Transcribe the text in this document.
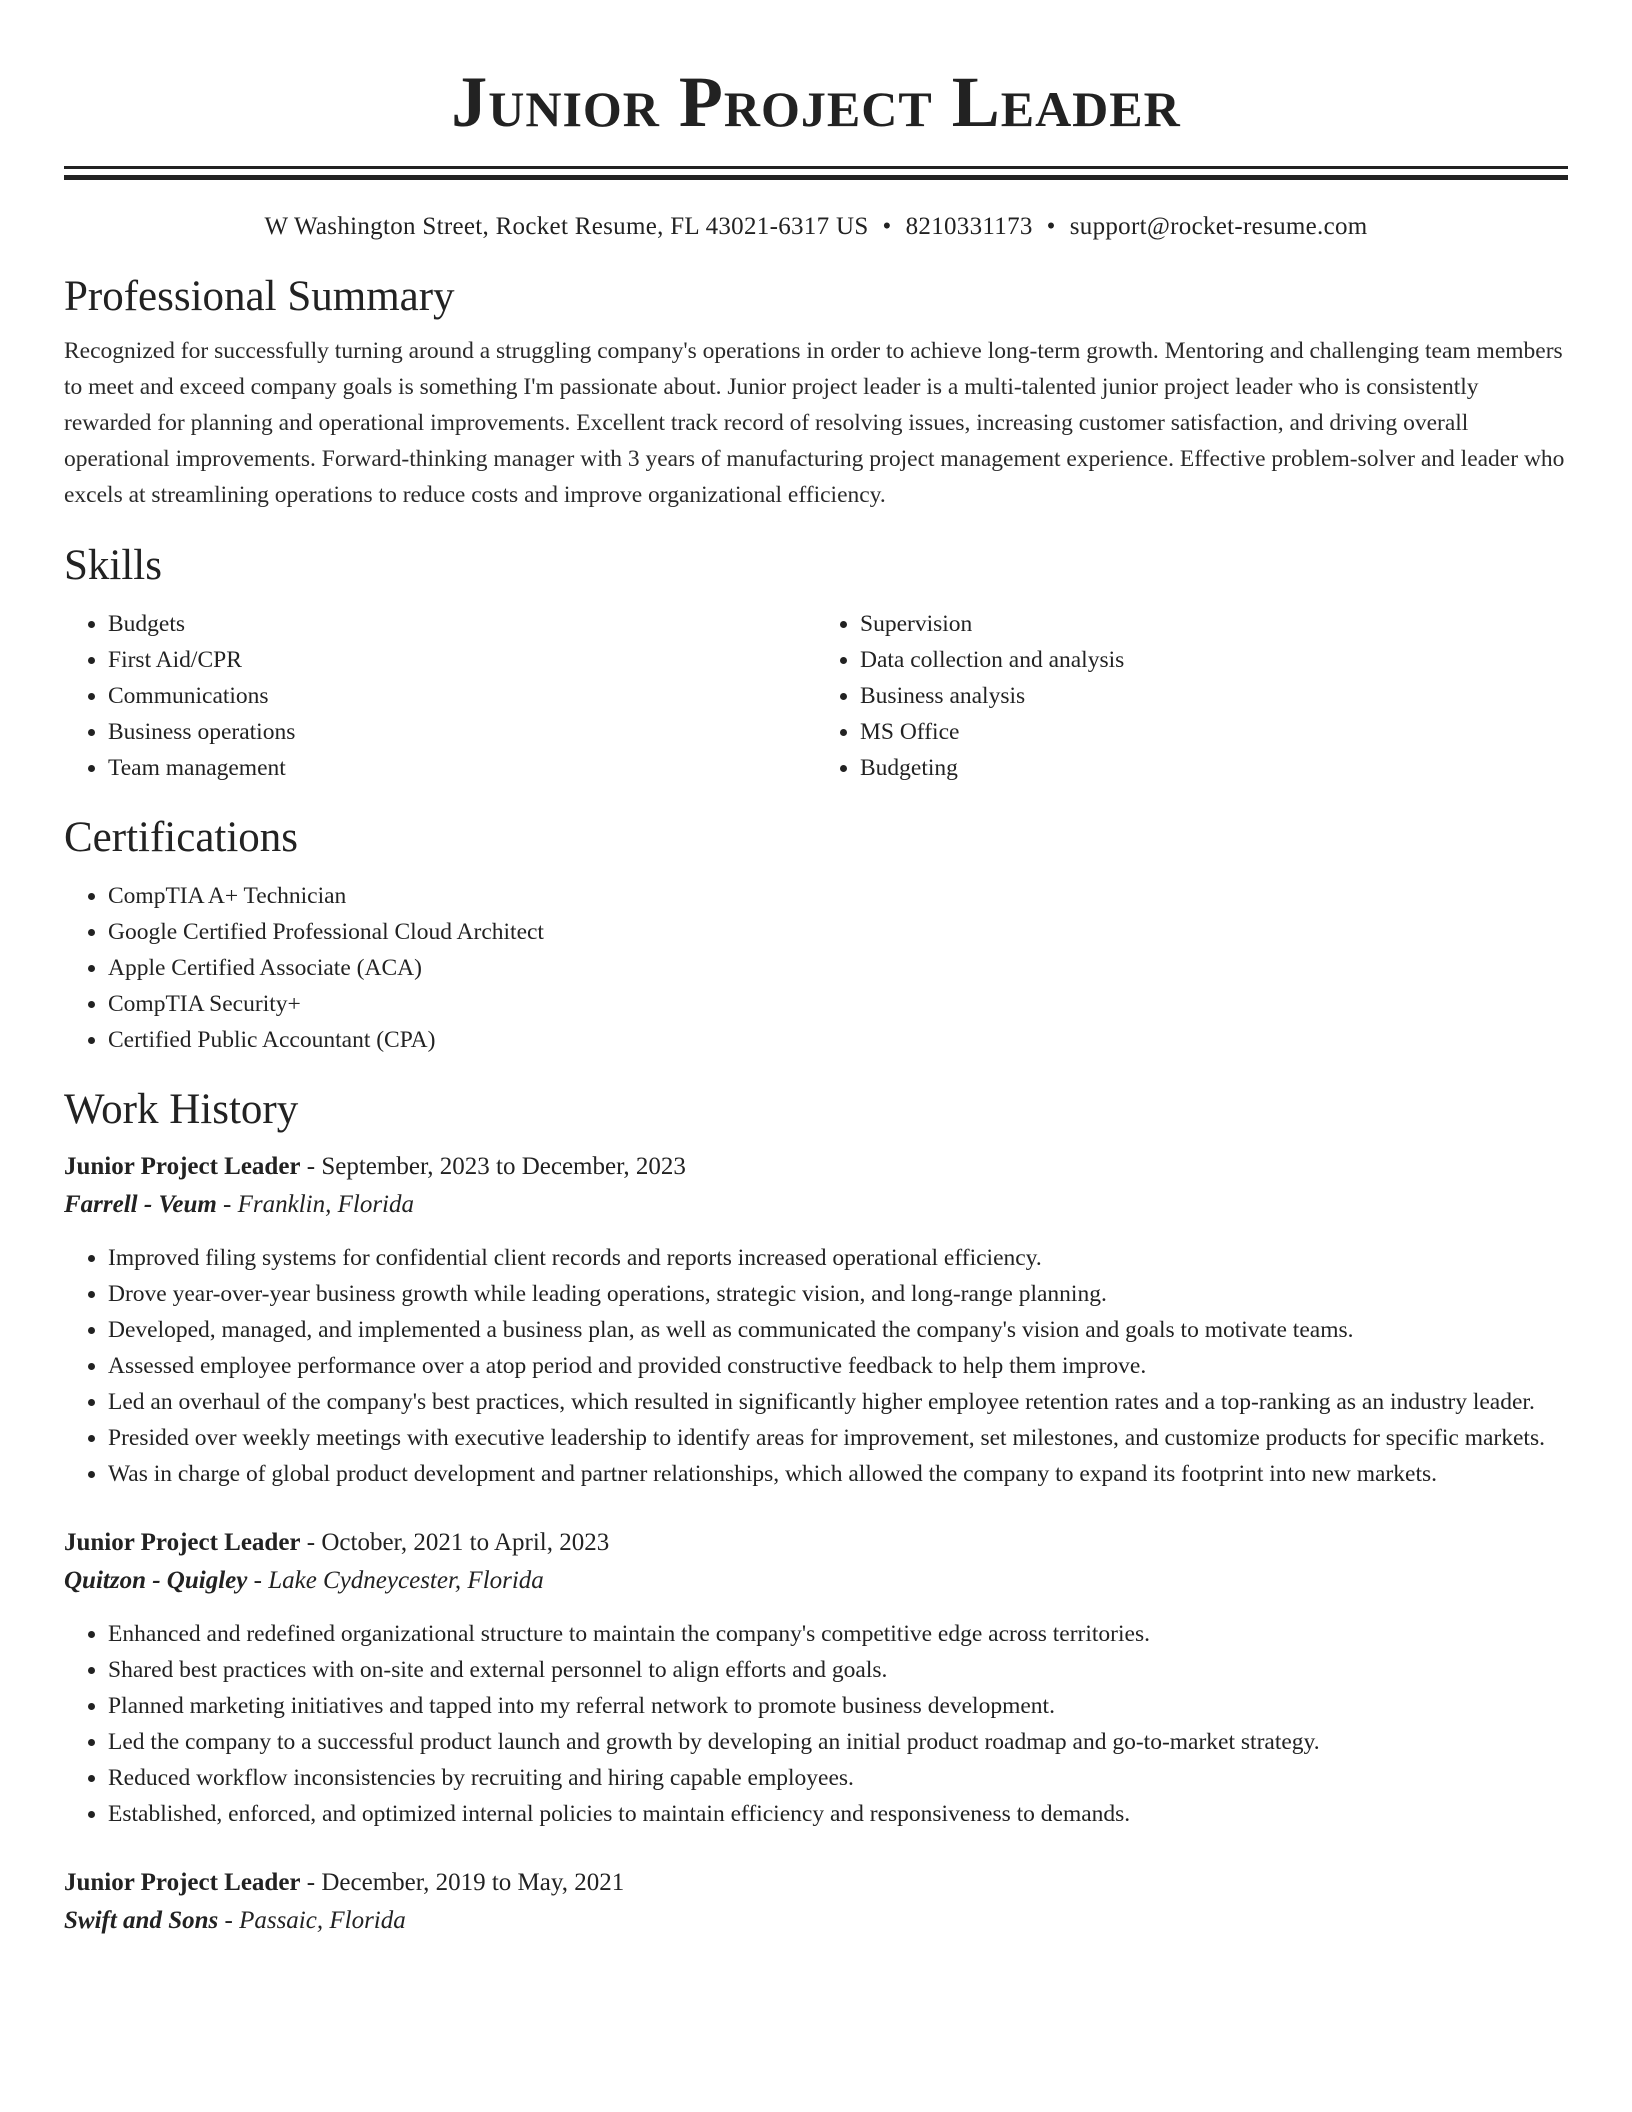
Junior Project Leader
W Washington Street, Rocket Resume, FL 43021-6317 US • 8210331173 • support@rocket-resume.com
Professional Summary

Recognized for successfully turning around a struggling company's operations in order to achieve long-term growth. Mentoring and challenging team members to meet and exceed company goals is something I'm passionate about. Junior project leader is a multi-talented junior project leader who is consistently rewarded for planning and operational improvements. Excellent track record of resolving issues, increasing customer satisfaction, and driving overall operational improvements. Forward-thinking manager with 3 years of manufacturing project management experience. Effective problem-solver and leader who excels at streamlining operations to reduce costs and improve organizational efficiency.

Skills
• Budgets
• First Aid/CPR
• Communications
• Business operations
• Team management
• Supervision
• Data collection and analysis
• Business analysis
• MS Office
• Budgeting
Certifications
• CompTIA A+ Technician
• Google Certified Professional Cloud Architect
• Apple Certified Associate (ACA)
• CompTIA Security+
• Certified Public Accountant (CPA)
Work History
Junior Project Leader - September, 2023 to December, 2023
Farrell - Veum - Franklin, Florida
• Improved filing systems for confidential client records and reports increased operational efficiency.
• Drove year-over-year business growth while leading operations, strategic vision, and long-range planning.
• Developed, managed, and implemented a business plan, as well as communicated the company's vision and goals to motivate teams.
• Assessed employee performance over a atop period and provided constructive feedback to help them improve.
• Led an overhaul of the company's best practices, which resulted in significantly higher employee retention rates and a top-ranking as an industry leader.
• Presided over weekly meetings with executive leadership to identify areas for improvement, set milestones, and customize products for specific markets.
• Was in charge of global product development and partner relationships, which allowed the company to expand its footprint into new markets.
Junior Project Leader - October, 2021 to April, 2023
Quitzon - Quigley - Lake Cydneycester, Florida
• Enhanced and redefined organizational structure to maintain the company's competitive edge across territories.
• Shared best practices with on-site and external personnel to align efforts and goals.
• Planned marketing initiatives and tapped into my referral network to promote business development.
• Led the company to a successful product launch and growth by developing an initial product roadmap and go-to-market strategy.
• Reduced workflow inconsistencies by recruiting and hiring capable employees.
• Established, enforced, and optimized internal policies to maintain efficiency and responsiveness to demands.
Junior Project Leader - December, 2019 to May, 2021
Swift and Sons - Passaic, Florida
